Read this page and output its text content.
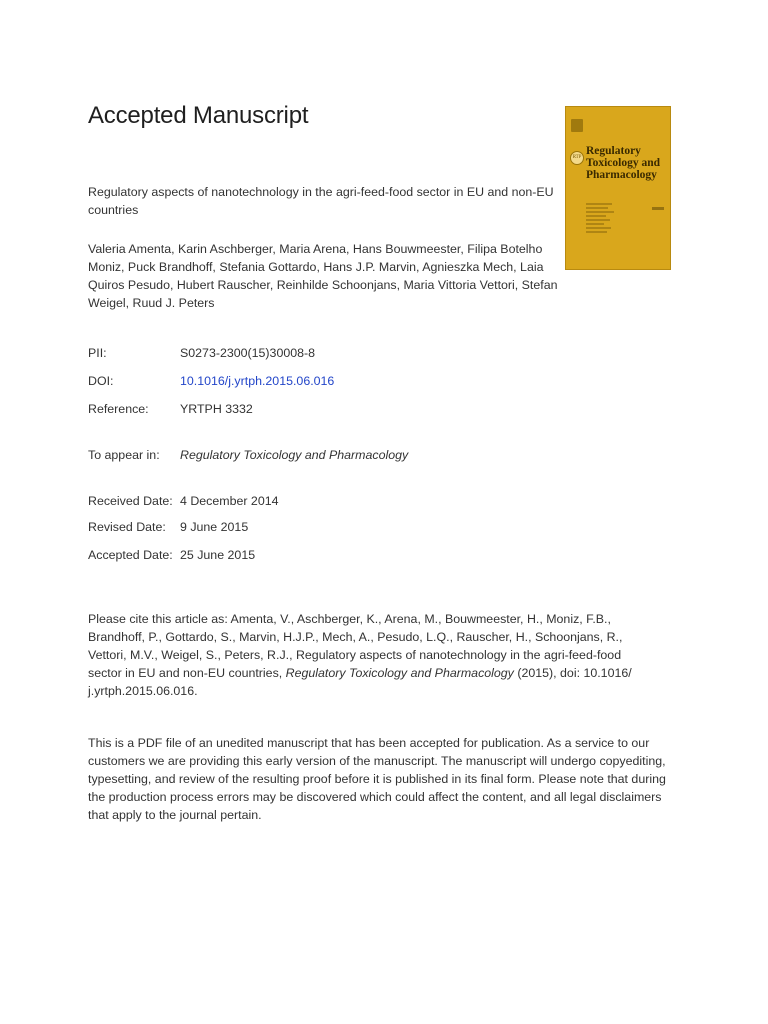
Accepted Manuscript
RTP
Regulatory Toxicology and Pharmacology
Regulatory aspects of nanotechnology in the agri-feed-food sector in EU and non-EU countries
Valeria Amenta, Karin Aschberger, Maria Arena, Hans Bouwmeester, Filipa Botelho Moniz, Puck Brandhoff, Stefania Gottardo, Hans J.P. Marvin, Agnieszka Mech, Laia Quiros Pesudo, Hubert Rauscher, Reinhilde Schoonjans, Maria Vittoria Vettori, Stefan Weigel, Ruud J. Peters
PII:	S0273-2300(15)30008-8
DOI:	10.1016/j.yrtph.2015.06.016
Reference:	YRTPH 3332
To appear in: Regulatory Toxicology and Pharmacology
Received Date: 4 December 2014
Revised Date: 9 June 2015
Accepted Date: 25 June 2015
Please cite this article as: Amenta, V., Aschberger, K., Arena, M., Bouwmeester, H., Moniz, F.B., Brandhoff, P., Gottardo, S., Marvin, H.J.P., Mech, A., Pesudo, L.Q., Rauscher, H., Schoonjans, R., Vettori, M.V., Weigel, S., Peters, R.J., Regulatory aspects of nanotechnology in the agri-feed-food sector in EU and non-EU countries, Regulatory Toxicology and Pharmacology (2015), doi: 10.1016/ j.yrtph.2015.06.016.
This is a PDF file of an unedited manuscript that has been accepted for publication. As a service to our customers we are providing this early version of the manuscript. The manuscript will undergo copyediting, typesetting, and review of the resulting proof before it is published in its final form. Please note that during the production process errors may be discovered which could affect the content, and all legal disclaimers that apply to the journal pertain.
